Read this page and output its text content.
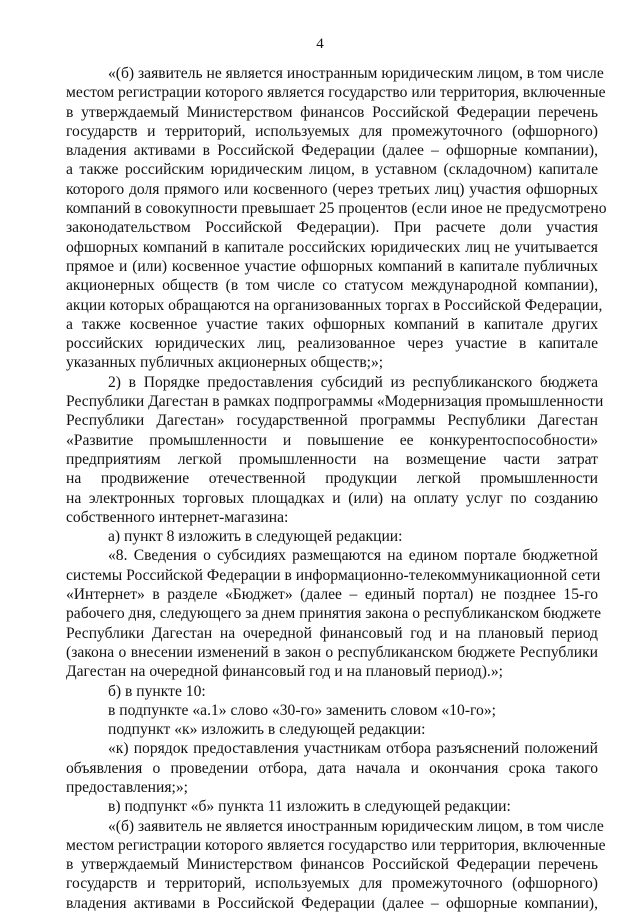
4
«(б) заявитель не является иностранным юридическим лицом, в том числе
местом регистрации которого является государство или территория, включенные
в утверждаемый Министерством финансов Российской Федерации перечень
государств и территорий, используемых для промежуточного (офшорного)
владения активами в Российской Федерации (далее – офшорные компании),
а также российским юридическим лицом, в уставном (складочном) капитале
которого доля прямого или косвенного (через третьих лиц) участия офшорных
компаний в совокупности превышает 25 процентов (если иное не предусмотрено
законодательством Российской Федерации). При расчете доли участия
офшорных компаний в капитале российских юридических лиц не учитывается
прямое и (или) косвенное участие офшорных компаний в капитале публичных
акционерных обществ (в том числе со статусом международной компании),
акции которых обращаются на организованных торгах в Российской Федерации,
а также косвенное участие таких офшорных компаний в капитале других
российских юридических лиц, реализованное через участие в капитале
указанных публичных акционерных обществ;»;
2) в Порядке предоставления субсидий из республиканского бюджета
Республики Дагестан в рамках подпрограммы «Модернизация промышленности
Республики Дагестан» государственной программы Республики Дагестан
«Развитие промышленности и повышение ее конкурентоспособности»
предприятиям легкой промышленности на возмещение части затрат
на продвижение отечественной продукции легкой промышленности
на электронных торговых площадках и (или) на оплату услуг по созданию
собственного интернет-магазина:
а) пункт 8 изложить в следующей редакции:
«8. Сведения о субсидиях размещаются на едином портале бюджетной
системы Российской Федерации в информационно-телекоммуникационной сети
«Интернет» в разделе «Бюджет» (далее – единый портал) не позднее 15-го
рабочего дня, следующего за днем принятия закона о республиканском бюджете
Республики Дагестан на очередной финансовый год и на плановый период
(закона о внесении изменений в закон о республиканском бюджете Республики
Дагестан на очередной финансовый год и на плановый период).»;
б) в пункте 10:
в подпункте «а.1» слово «30-го» заменить словом «10-го»;
подпункт «к» изложить в следующей редакции:
«к) порядок предоставления участникам отбора разъяснений положений
объявления о проведении отбора, дата начала и окончания срока такого
предоставления;»;
в) подпункт «б» пункта 11 изложить в следующей редакции:
«(б) заявитель не является иностранным юридическим лицом, в том числе
местом регистрации которого является государство или территория, включенные
в утверждаемый Министерством финансов Российской Федерации перечень
государств и территорий, используемых для промежуточного (офшорного)
владения активами в Российской Федерации (далее – офшорные компании),
